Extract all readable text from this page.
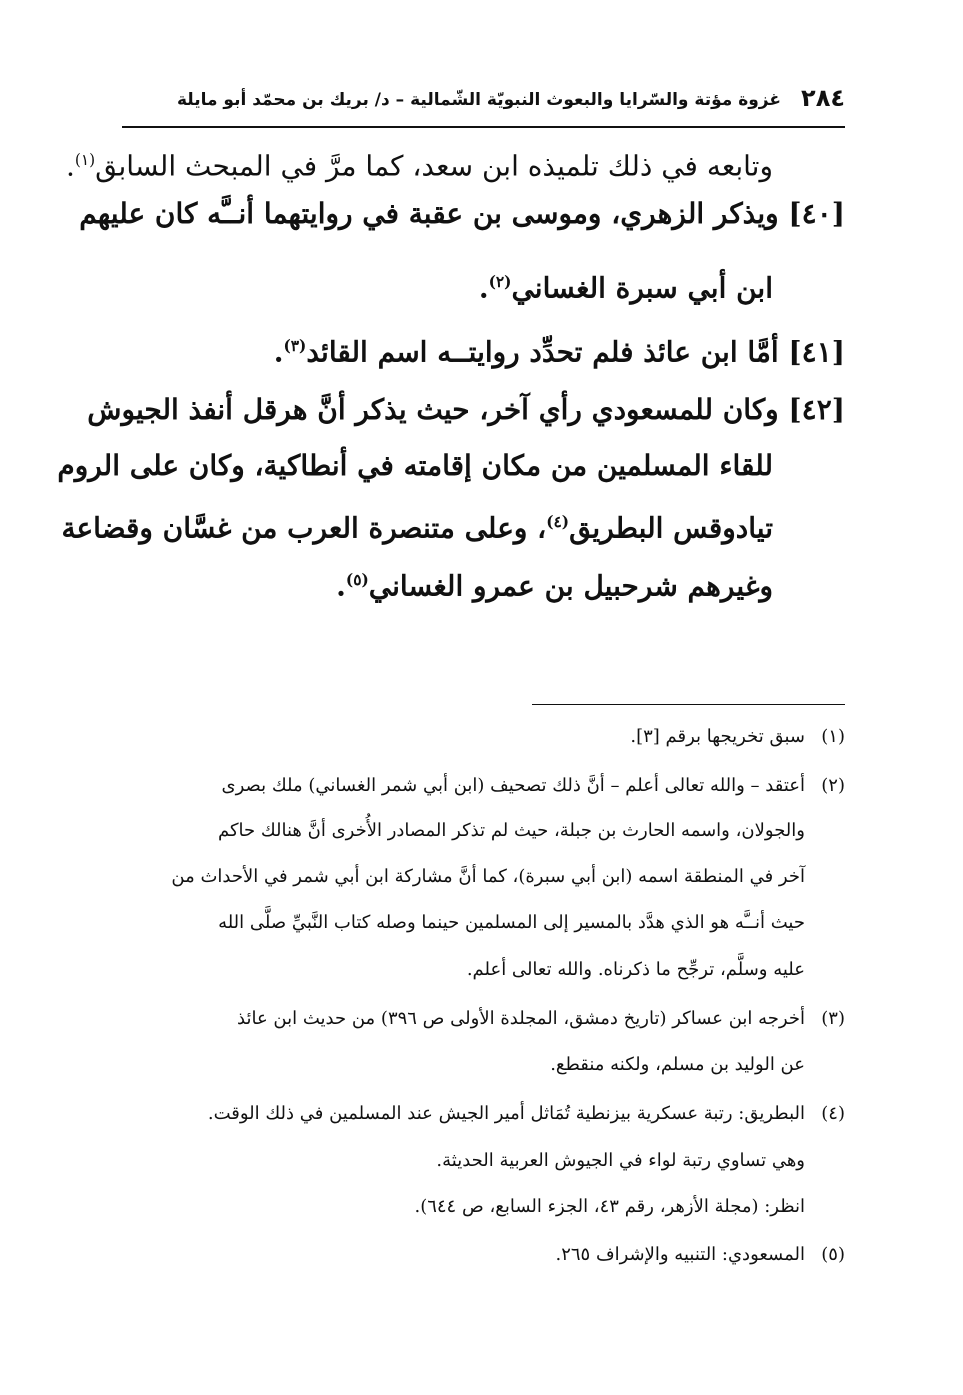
٢٨٤
غزوة مؤتة والسّرايا والبعوث النبويّة الشّمالية – د/ بريك بن محمّد أبو مايلة
وتابعه في ذلك تلميذه ابن سعد، كما مرَّ في المبحث السابق$^{(١)}$.
[٤٠] ويذكر الزهري، وموسى بن عقبة في روايتهما أنــَّه كان عليهم
ابن أبي سبرة الغساني$^{(٢)}$.
[٤١] أمَّا ابن عائذ فلم تحدِّد روايتــه اسم القائد$^{(٣)}$.
[٤٢] وكان للمسعودي رأي آخر، حيث يذكر أنَّ هرقل أنفذ الجيوش
للقاء المسلمين من مكان إقامته في أنطاكية، وكان على الروم
تيادوقس البطريق$^{(٤)}$، وعلى متنصرة العرب من غسَّان وقضاعة
وغيرهم شرحبيل بن عمرو الغساني$^{(٥)}$.
(١)سبق تخريجها برقم [٣].
(٢)أعتقد – والله تعالى أعلم – أنَّ ذلك تصحيف (ابن أبي شمر الغساني) ملك بصرى
والجولان، واسمه الحارث بن جبلة، حيث لم تذكر المصادر الأُخرى أنَّ هنالك حاكم
آخر في المنطقة اسمه (ابن أبي سبرة)، كما أنَّ مشاركة ابن أبي شمر في الأحداث من
حيث أنــَّه هو الذي هدَّد بالمسير إلى المسلمين حينما وصله كتاب النَّبيِّ صلَّى الله
عليه وسلَّم، ترجِّح ما ذكرناه. والله تعالى أعلم.
(٣)أخرجه ابن عساكر (تاريخ دمشق، المجلدة الأولى ص ٣٩٦) من حديث ابن عائذ
عن الوليد بن مسلم، ولكنه منقطع.
(٤)البطريق: رتبة عسكرية بيزنطية تُمَاثل أمير الجيش عند المسلمين في ذلك الوقت.
وهي تساوي رتبة لواء في الجيوش العربية الحديثة.
انظر: (مجلة الأزهر، رقم ٤٣، الجزء السابع، ص ٦٤٤).
(٥)المسعودي: التنبيه والإشراف ٢٦٥.
